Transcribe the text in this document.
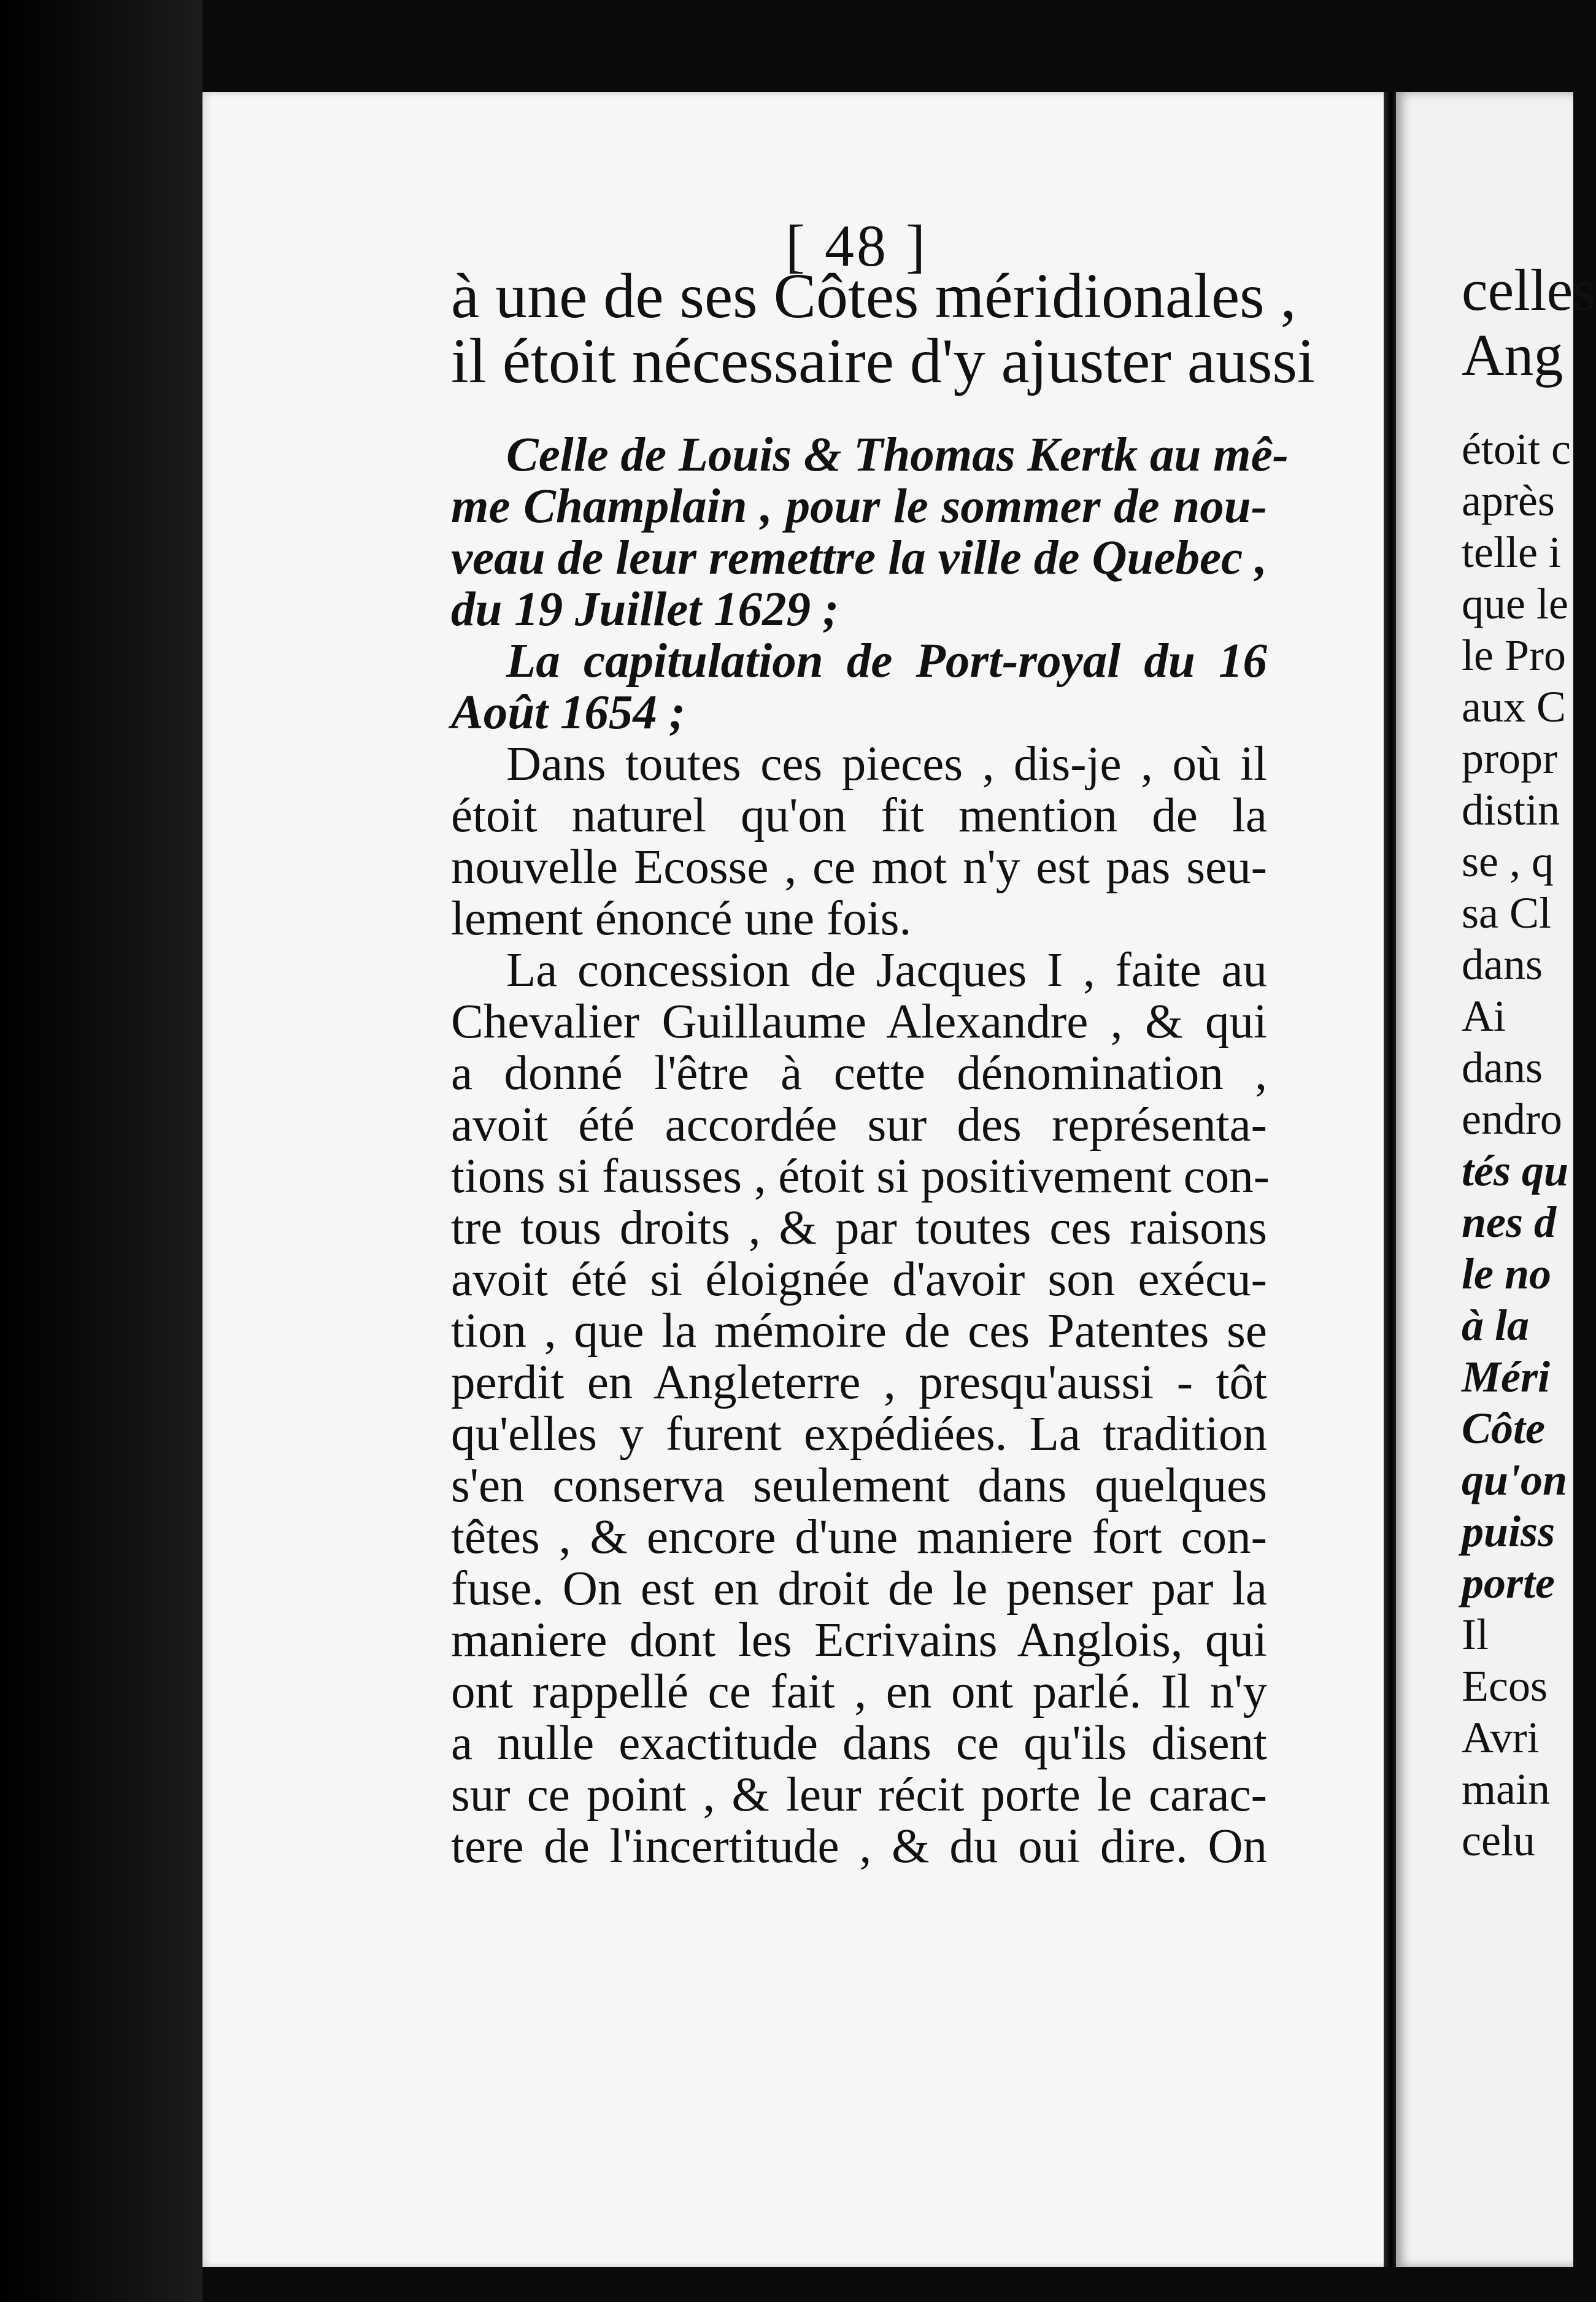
[ 48 ]
à une de ses Côtes méridionales ,
il étoit nécessaire d'y ajuster aussi
Celle de Louis & Thomas Kertk au mê-
me Champlain , pour le sommer de nou-
veau de leur remettre la ville de Quebec ,
du 19 Juillet 1629 ;
La capitulation de Port-royal du 16
Août 1654 ;
Dans toutes ces pieces , dis-je , où il
étoit naturel qu'on fit mention de la
nouvelle Ecosse , ce mot n'y est pas seu-
lement énoncé une fois.
La concession de Jacques I , faite au
Chevalier Guillaume Alexandre , & qui
a donné l'être à cette dénomination ,
avoit été accordée sur des représenta-
tions si fausses , étoit si positivement con-
tre tous droits , & par toutes ces raisons
avoit été si éloignée d'avoir son exécu-
tion , que la mémoire de ces Patentes se
perdit en Angleterre , presqu'aussi - tôt
qu'elles y furent expédiées. La tradition
s'en conserva seulement dans quelques
têtes , & encore d'une maniere fort con-
fuse. On est en droit de le penser par la
maniere dont les Ecrivains Anglois, qui
ont rappellé ce fait , en ont parlé. Il n'y
a nulle exactitude dans ce qu'ils disent
sur ce point , & leur récit porte le carac-
tere de l'incertitude , & du oui dire. On
celles
Ang
étoit c
après
telle i
que le
le Pro
aux C
propr
distin
se , q
sa Cl
dans
Ai
dans
endro
tés qu
nes d
le no
à la
Méri
Côte
qu'on
puiss
porte
Il
Ecos
Avri
main
celu
